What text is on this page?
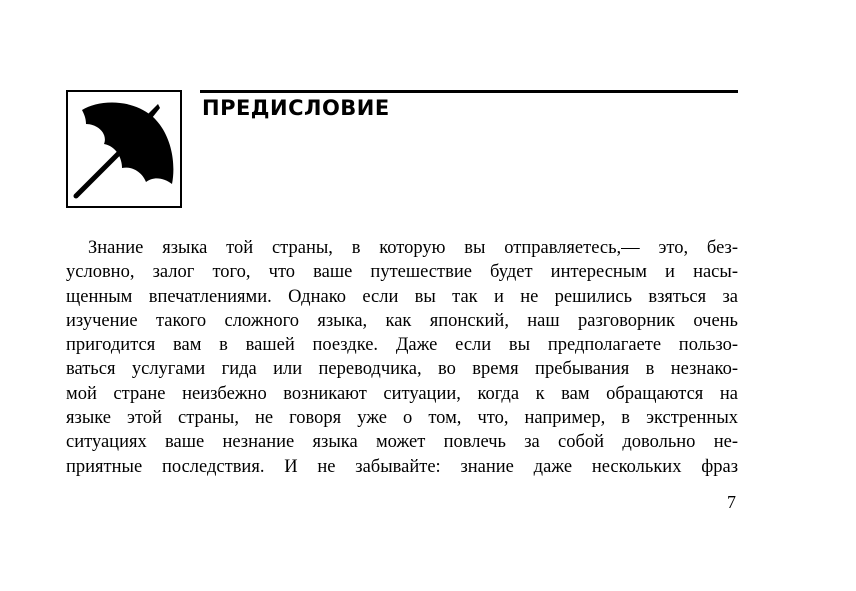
ПРЕДИСЛОВИЕ
Знание языка той страны, в которую вы отправляетесь,— это, без-
условно, залог того, что ваше путешествие будет интересным и насы-
щенным впечатлениями. Однако если вы так и не решились взяться за
изучение такого сложного языка, как японский, наш разговорник очень
пригодится вам в вашей поездке. Даже если вы предполагаете пользо-
ваться услугами гида или переводчика, во время пребывания в незнако-
мой стране неизбежно возникают ситуации, когда к вам обращаются на
языке этой страны, не говоря уже о том, что, например, в экстренных
ситуациях ваше незнание языка может повлечь за собой довольно не-
приятные последствия. И не забывайте: знание даже нескольких фраз
7
